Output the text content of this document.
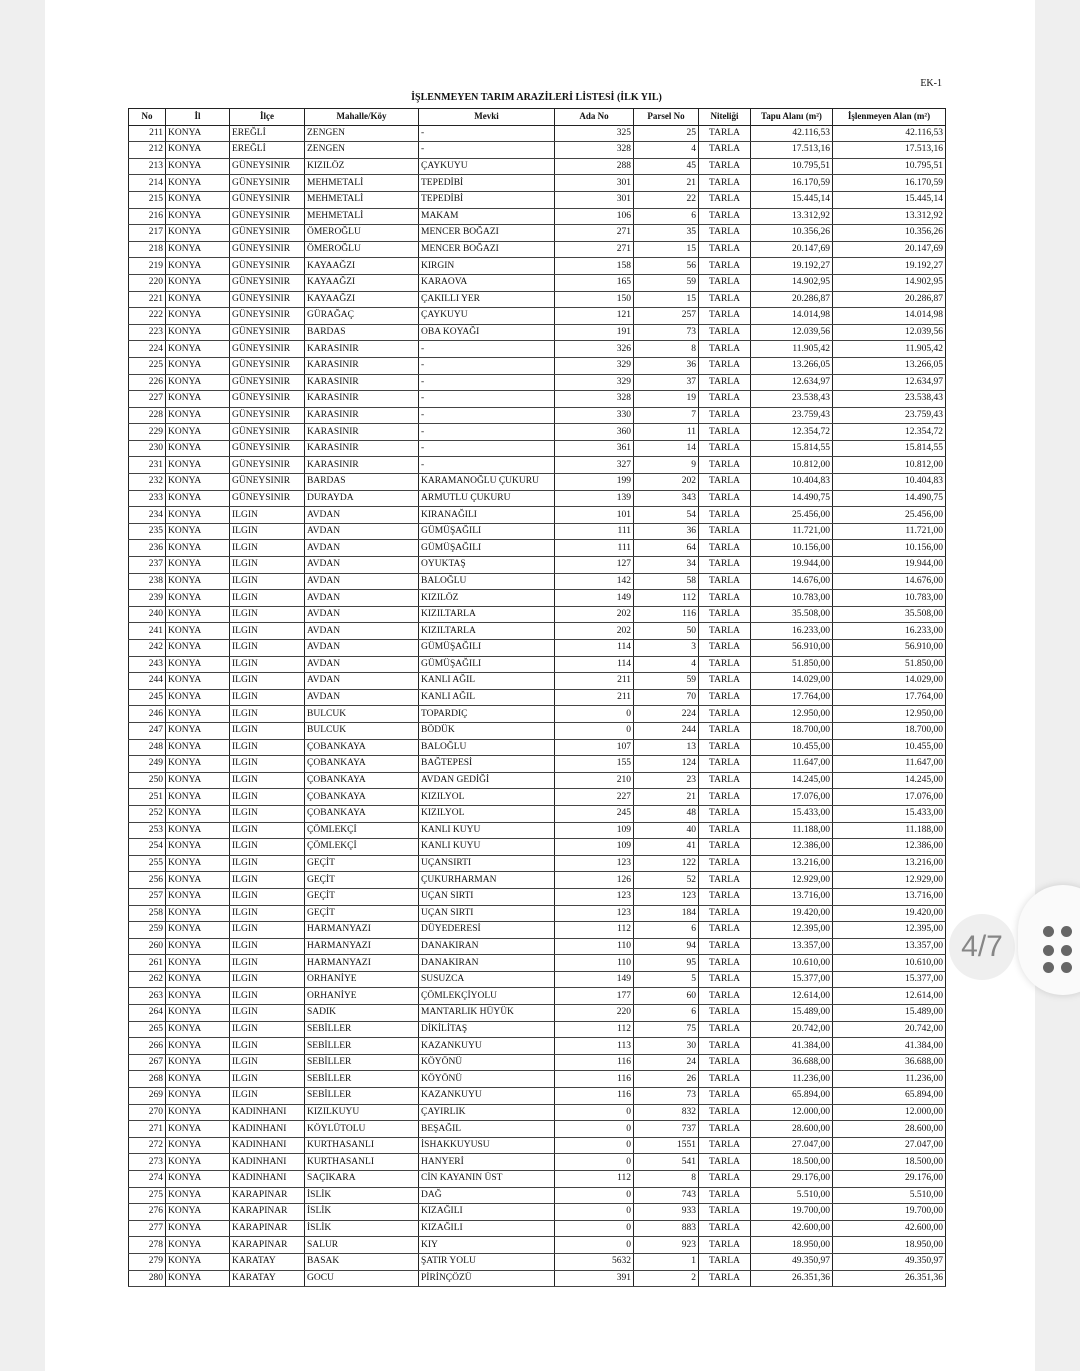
EK-1
İŞLENMEYEN TARIM ARAZİLERİ LİSTESİ (İLK YIL)
No	İl	İlçe	Mahalle/Köy	Mevki	Ada No	Parsel No	Niteliği	Tapu Alanı (m²)	İşlenmeyen Alan (m²)
211	KONYA	EREĞLİ	ZENGEN	-	325	25	TARLA	42.116,53	42.116,53
212	KONYA	EREĞLİ	ZENGEN	-	328	4	TARLA	17.513,16	17.513,16
213	KONYA	GÜNEYSINIR	KIZILÖZ	ÇAYKUYU	288	45	TARLA	10.795,51	10.795,51
214	KONYA	GÜNEYSINIR	MEHMETALİ	TEPEDİBİ	301	21	TARLA	16.170,59	16.170,59
215	KONYA	GÜNEYSINIR	MEHMETALİ	TEPEDİBİ	301	22	TARLA	15.445,14	15.445,14
216	KONYA	GÜNEYSINIR	MEHMETALİ	MAKAM	106	6	TARLA	13.312,92	13.312,92
217	KONYA	GÜNEYSINIR	ÖMEROĞLU	MENCER BOĞAZI	271	35	TARLA	10.356,26	10.356,26
218	KONYA	GÜNEYSINIR	ÖMEROĞLU	MENCER BOĞAZI	271	15	TARLA	20.147,69	20.147,69
219	KONYA	GÜNEYSINIR	KAYAAĞZI	KIRGIN	158	56	TARLA	19.192,27	19.192,27
220	KONYA	GÜNEYSINIR	KAYAAĞZI	KARAOVA	165	59	TARLA	14.902,95	14.902,95
221	KONYA	GÜNEYSINIR	KAYAAĞZI	ÇAKILLI YER	150	15	TARLA	20.286,87	20.286,87
222	KONYA	GÜNEYSINIR	GÜRAĞAÇ	ÇAYKUYU	121	257	TARLA	14.014,98	14.014,98
223	KONYA	GÜNEYSINIR	BARDAS	OBA KOYAĞI	191	73	TARLA	12.039,56	12.039,56
224	KONYA	GÜNEYSINIR	KARASINIR	-	326	8	TARLA	11.905,42	11.905,42
225	KONYA	GÜNEYSINIR	KARASINIR	-	329	36	TARLA	13.266,05	13.266,05
226	KONYA	GÜNEYSINIR	KARASINIR	-	329	37	TARLA	12.634,97	12.634,97
227	KONYA	GÜNEYSINIR	KARASINIR	-	328	19	TARLA	23.538,43	23.538,43
228	KONYA	GÜNEYSINIR	KARASINIR	-	330	7	TARLA	23.759,43	23.759,43
229	KONYA	GÜNEYSINIR	KARASINIR	-	360	11	TARLA	12.354,72	12.354,72
230	KONYA	GÜNEYSINIR	KARASINIR	-	361	14	TARLA	15.814,55	15.814,55
231	KONYA	GÜNEYSINIR	KARASINIR	-	327	9	TARLA	10.812,00	10.812,00
232	KONYA	GÜNEYSINIR	BARDAS	KARAMANOĞLU ÇUKURU	199	202	TARLA	10.404,83	10.404,83
233	KONYA	GÜNEYSINIR	DURAYDA	ARMUTLU ÇUKURU	139	343	TARLA	14.490,75	14.490,75
234	KONYA	ILGIN	AVDAN	KIRANAĞILI	101	54	TARLA	25.456,00	25.456,00
235	KONYA	ILGIN	AVDAN	GÜMÜŞAĞILI	111	36	TARLA	11.721,00	11.721,00
236	KONYA	ILGIN	AVDAN	GÜMÜŞAĞILI	111	64	TARLA	10.156,00	10.156,00
237	KONYA	ILGIN	AVDAN	OYUKTAŞ	127	34	TARLA	19.944,00	19.944,00
238	KONYA	ILGIN	AVDAN	BALOĞLU	142	58	TARLA	14.676,00	14.676,00
239	KONYA	ILGIN	AVDAN	KIZILÖZ	149	112	TARLA	10.783,00	10.783,00
240	KONYA	ILGIN	AVDAN	KIZILTARLA	202	116	TARLA	35.508,00	35.508,00
241	KONYA	ILGIN	AVDAN	KIZILTARLA	202	50	TARLA	16.233,00	16.233,00
242	KONYA	ILGIN	AVDAN	GÜMÜŞAĞILI	114	3	TARLA	56.910,00	56.910,00
243	KONYA	ILGIN	AVDAN	GÜMÜŞAĞILI	114	4	TARLA	51.850,00	51.850,00
244	KONYA	ILGIN	AVDAN	KANLI AĞIL	211	59	TARLA	14.029,00	14.029,00
245	KONYA	ILGIN	AVDAN	KANLI AĞIL	211	70	TARLA	17.764,00	17.764,00
246	KONYA	ILGIN	BULCUK	TOPARDIÇ	0	224	TARLA	12.950,00	12.950,00
247	KONYA	ILGIN	BULCUK	BÖDÜK	0	244	TARLA	18.700,00	18.700,00
248	KONYA	ILGIN	ÇOBANKAYA	BALOĞLU	107	13	TARLA	10.455,00	10.455,00
249	KONYA	ILGIN	ÇOBANKAYA	BAĞTEPESİ	155	124	TARLA	11.647,00	11.647,00
250	KONYA	ILGIN	ÇOBANKAYA	AVDAN GEDİĞİ	210	23	TARLA	14.245,00	14.245,00
251	KONYA	ILGIN	ÇOBANKAYA	KIZILYOL	227	21	TARLA	17.076,00	17.076,00
252	KONYA	ILGIN	ÇOBANKAYA	KIZILYOL	245	48	TARLA	15.433,00	15.433,00
253	KONYA	ILGIN	ÇÖMLEKÇİ	KANLI KUYU	109	40	TARLA	11.188,00	11.188,00
254	KONYA	ILGIN	ÇÖMLEKÇİ	KANLI KUYU	109	41	TARLA	12.386,00	12.386,00
255	KONYA	ILGIN	GEÇİT	UÇANSIRTI	123	122	TARLA	13.216,00	13.216,00
256	KONYA	ILGIN	GEÇİT	ÇUKURHARMAN	126	52	TARLA	12.929,00	12.929,00
257	KONYA	ILGIN	GEÇİT	UÇAN SIRTI	123	123	TARLA	13.716,00	13.716,00
258	KONYA	ILGIN	GEÇİT	UÇAN SIRTI	123	184	TARLA	19.420,00	19.420,00
259	KONYA	ILGIN	HARMANYAZI	DÜYEDERESİ	112	6	TARLA	12.395,00	12.395,00
260	KONYA	ILGIN	HARMANYAZI	DANAKIRAN	110	94	TARLA	13.357,00	13.357,00
261	KONYA	ILGIN	HARMANYAZI	DANAKIRAN	110	95	TARLA	10.610,00	10.610,00
262	KONYA	ILGIN	ORHANİYE	SUSUZCA	149	5	TARLA	15.377,00	15.377,00
263	KONYA	ILGIN	ORHANİYE	ÇÖMLEKÇİYOLU	177	60	TARLA	12.614,00	12.614,00
264	KONYA	ILGIN	SADIK	MANTARLIK HÜYÜK	220	6	TARLA	15.489,00	15.489,00
265	KONYA	ILGIN	SEBİLLER	DİKİLİTAŞ	112	75	TARLA	20.742,00	20.742,00
266	KONYA	ILGIN	SEBİLLER	KAZANKUYU	113	30	TARLA	41.384,00	41.384,00
267	KONYA	ILGIN	SEBİLLER	KÖYÖNÜ	116	24	TARLA	36.688,00	36.688,00
268	KONYA	ILGIN	SEBİLLER	KÖYÖNÜ	116	26	TARLA	11.236,00	11.236,00
269	KONYA	ILGIN	SEBİLLER	KAZANKUYU	116	73	TARLA	65.894,00	65.894,00
270	KONYA	KADINHANI	KIZILKUYU	ÇAYIRLIK	0	832	TARLA	12.000,00	12.000,00
271	KONYA	KADINHANI	KÖYLÜTOLU	BEŞAĞIL	0	737	TARLA	28.600,00	28.600,00
272	KONYA	KADINHANI	KURTHASANLI	İSHAKKUYUSU	0	1551	TARLA	27.047,00	27.047,00
273	KONYA	KADINHANI	KURTHASANLI	HANYERİ	0	541	TARLA	18.500,00	18.500,00
274	KONYA	KADINHANI	SAÇIKARA	CİN KAYANIN ÜST	112	8	TARLA	29.176,00	29.176,00
275	KONYA	KARAPINAR	İSLİK	DAĞ	0	743	TARLA	5.510,00	5.510,00
276	KONYA	KARAPINAR	İSLİK	KIZAĞILI	0	933	TARLA	19.700,00	19.700,00
277	KONYA	KARAPINAR	İSLİK	KIZAĞILI	0	883	TARLA	42.600,00	42.600,00
278	KONYA	KARAPINAR	SALUR	KIY	0	923	TARLA	18.950,00	18.950,00
279	KONYA	KARATAY	BASAK	ŞATIR YOLU	5632	1	TARLA	49.350,97	49.350,97
280	KONYA	KARATAY	GOCU	PİRİNÇÖZÜ	391	2	TARLA	26.351,36	26.351,36
4/7
